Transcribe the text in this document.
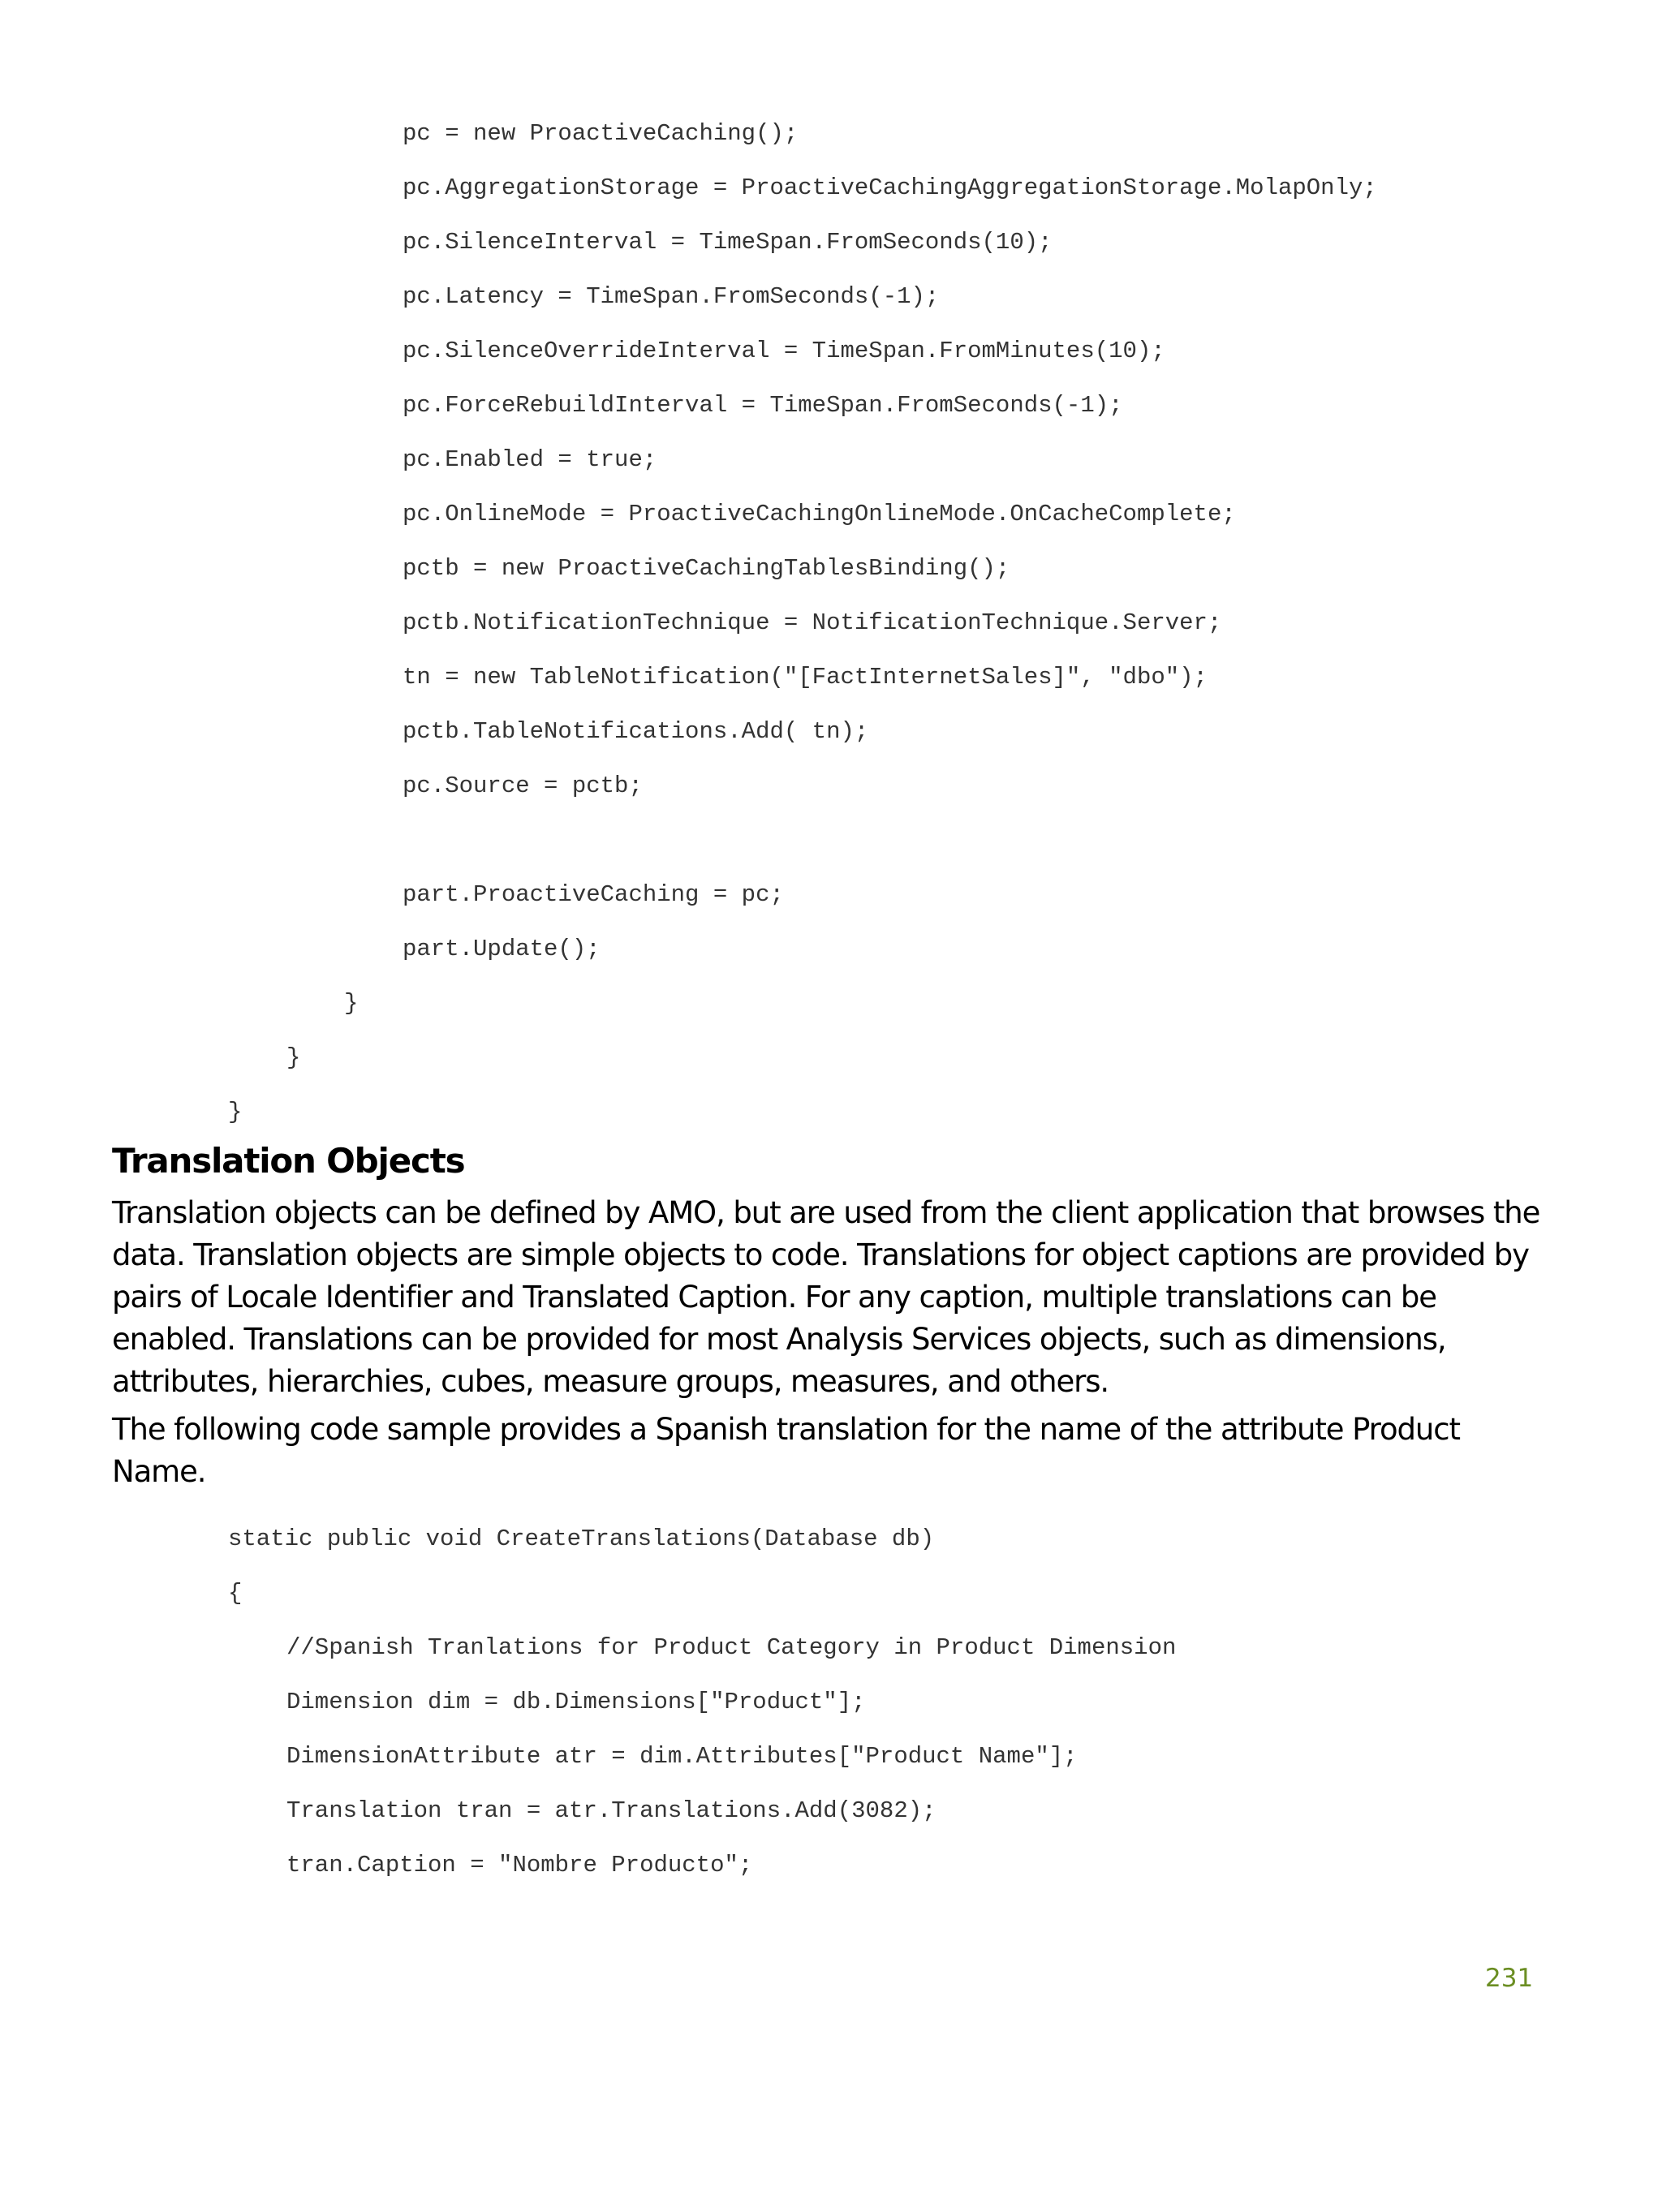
pc = new ProactiveCaching();
pc.AggregationStorage = ProactiveCachingAggregationStorage.MolapOnly;
pc.SilenceInterval = TimeSpan.FromSeconds(10);
pc.Latency = TimeSpan.FromSeconds(-1);
pc.SilenceOverrideInterval = TimeSpan.FromMinutes(10);
pc.ForceRebuildInterval = TimeSpan.FromSeconds(-1);
pc.Enabled = true;
pc.OnlineMode = ProactiveCachingOnlineMode.OnCacheComplete;
pctb = new ProactiveCachingTablesBinding();
pctb.NotificationTechnique = NotificationTechnique.Server;
tn = new TableNotification("[FactInternetSales]", "dbo");
pctb.TableNotifications.Add( tn);
pc.Source = pctb;
part.ProactiveCaching = pc;
part.Update();
}
}
}
Translation Objects

Translation objects can be defined by AMO, but are used from the client application that browses the data. Translation objects are simple objects to code. Translations for object captions are provided by pairs of Locale Identifier and Translated Caption. For any caption, multiple translations can be enabled. Translations can be provided for most Analysis Services objects, such as dimensions, attributes, hierarchies, cubes, measure groups, measures, and others.

The following code sample provides a Spanish translation for the name of the attribute Product Name.

static public void CreateTranslations(Database db)
{
//Spanish Tranlations for Product Category in Product Dimension
Dimension dim = db.Dimensions["Product"];
DimensionAttribute atr = dim.Attributes["Product Name"];
Translation tran = atr.Translations.Add(3082);
tran.Caption = "Nombre Producto";
231
